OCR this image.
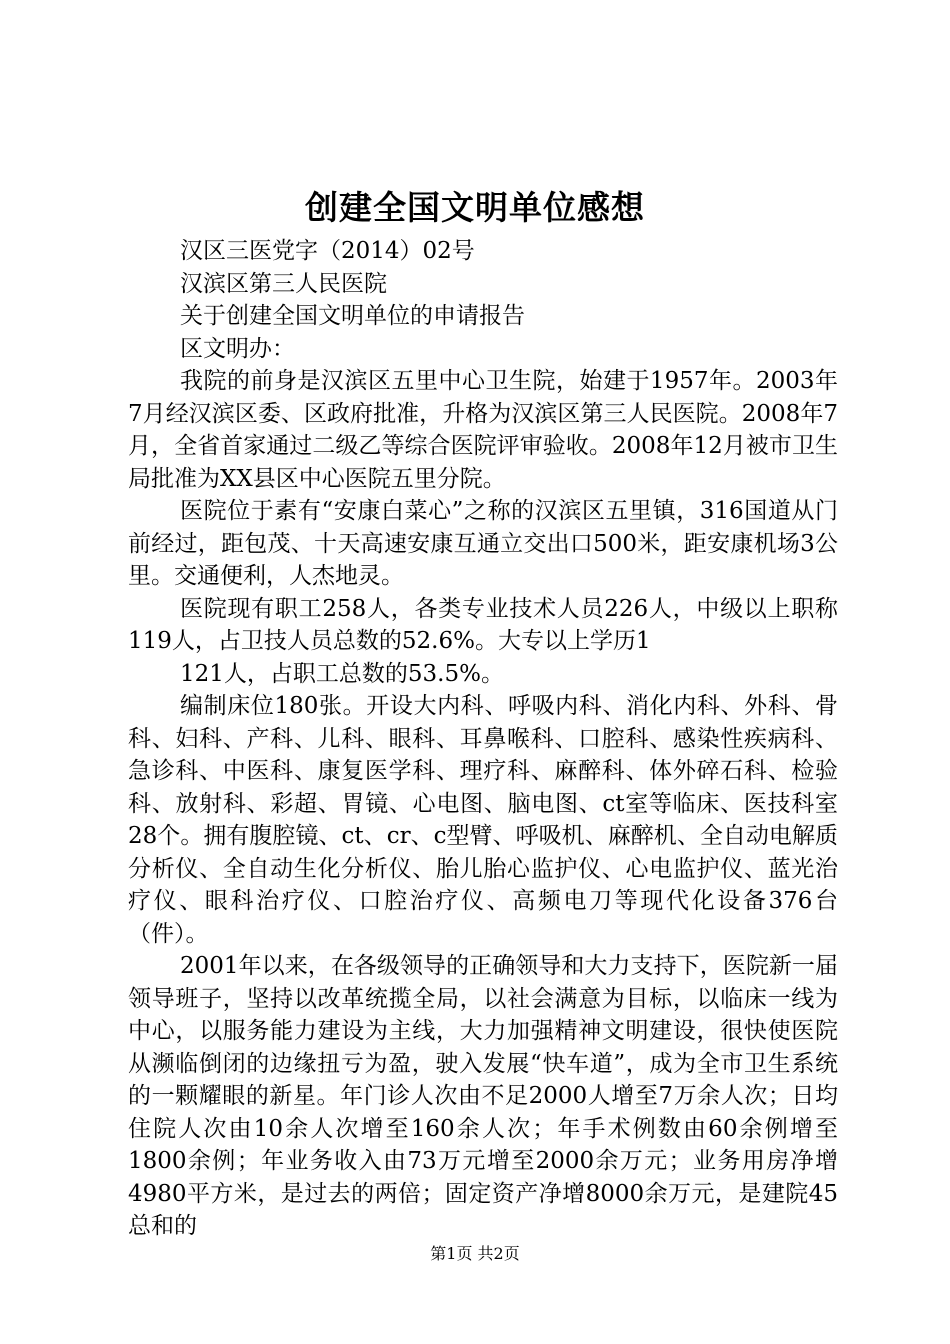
创建全国文明单位感想

汉区三医党字（2014）02号

汉滨区第三人民医院

关于创建全国文明单位的申请报告

区文明办：

我院的前身是汉滨区五里中心卫生院，始建于1957年。2003年7月经汉滨区委、区政府批准，升格为汉滨区第三人民医院。2008年7月，全省首家通过二级乙等综合医院评审验收。2008年12月被市卫生局批准为XX县区中心医院五里分院。

医院位于素有“安康白菜心”之称的汉滨区五里镇，316国道从门前经过，距包茂、十天高速安康互通立交出口500米，距安康机场3公里。交通便利，人杰地灵。

医院现有职工258人，各类专业技术人员226人，中级以上职称119人，占卫技人员总数的52.6%。大专以上学历1

121人，占职工总数的53.5%。

编制床位180张。开设大内科、呼吸内科、消化内科、外科、骨科、妇科、产科、儿科、眼科、耳鼻喉科、口腔科、感染性疾病科、急诊科、中医科、康复医学科、理疗科、麻醉科、体外碎石科、检验科、放射科、彩超、胃镜、心电图、脑电图、ct室等临床、医技科室28个。拥有腹腔镜、ct、cr、c型臂、呼吸机、麻醉机、全自动电解质分析仪、全自动生化分析仪、胎儿胎心监护仪、心电监护仪、蓝光治疗仪、眼科治疗仪、口腔治疗仪、高频电刀等现代化设备376台（件）。

2001年以来，在各级领导的正确领导和大力支持下，医院新一届领导班子，坚持以改革统揽全局，以社会满意为目标，以临床一线为中心，以服务能力建设为主线，大力加强精神文明建设，很快使医院从濒临倒闭的边缘扭亏为盈，驶入发展“快车道”，成为全市卫生系统的一颗耀眼的新星。年门诊人次由不足2000人增至7万余人次；日均住院人次由10余人次增至160余人次；年手术例数由60余例增至1800余例；年业务收入由73万元增至2000余万元；业务用房净增4980平方米，是过去的两倍；固定资产净增8000余万元，是建院45总和的

第1页 共2页
